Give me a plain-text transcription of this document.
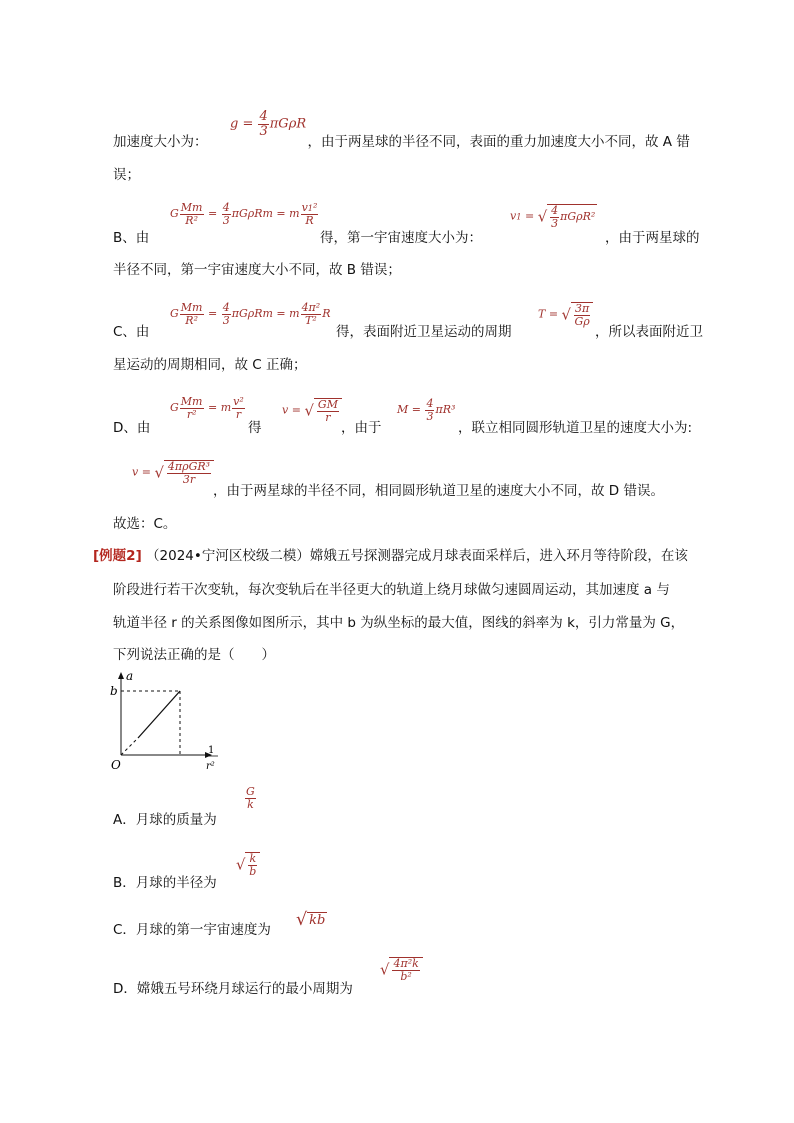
$g = \frac{4}{3}$ πGρR
加速度大小为：	，由于两星球的半径不同，表面的重力加速度大小不同，故 A 错
误；
G $\frac{Mm}{\text{R²}} = \frac{4}{3}$ πGρRm = m $\frac{\text{v1²}}{R}$	v1 = √ $\frac{4}{3} \pi G\rho R^2$
B、由	得，第一宇宙速度大小为：	，由于两星球的
半径不同，第一宇宙速度大小不同，故 B 错误；
G $\frac{Mm}{\text{R²}} = \frac{4}{3}$ πGρRm = m $\frac{\text{4π²}}{\text{T²}}$ R	T = √ $\frac{3\pi}{G\rho}$
C、由	得，表面附近卫星运动的周期	，所以表面附近卫
星运动的周期相同，故 C 正确；
G $\frac{Mm}{\text{r²}} = m \frac{\text{v²}}{r}$	v = √ $\frac{GM}{r}$	$M = \frac{4}{3} \pi R^3$
D、由	得	，由于	，联立相同圆形轨道卫星的速度大小为:
v = √ $\frac{\text{4πρGR³}}{3r}$
，由于两星球的半径不同，相同圆形轨道卫星的速度大小不同，故 D 错误。
故选：C。
[例题2] （2024•宁河区校级二模）嫦娥五号探测器完成月球表面采样后，进入环月等待阶段，在该
阶段进行若干次变轨，每次变轨后在半径更大的轨道上绕月球做匀速圆周运动，其加速度 a 与
轨道半径 r 的关系图像如图所示，其中 b 为纵坐标的最大值，图线的斜率为 k，引力常量为 G，
下列说法正确的是（　　）
a
b
O
1
r²
A．月球的质量为
$\frac{G}{k}$
B．月球的半径为
√ $\frac{k}{b}$
C．月球的第一宇宙速度为 √ kb
D．嫦娥五号环绕月球运行的最小周期为
√ $\frac{\text{4π²k}}{\text{b²}}$
